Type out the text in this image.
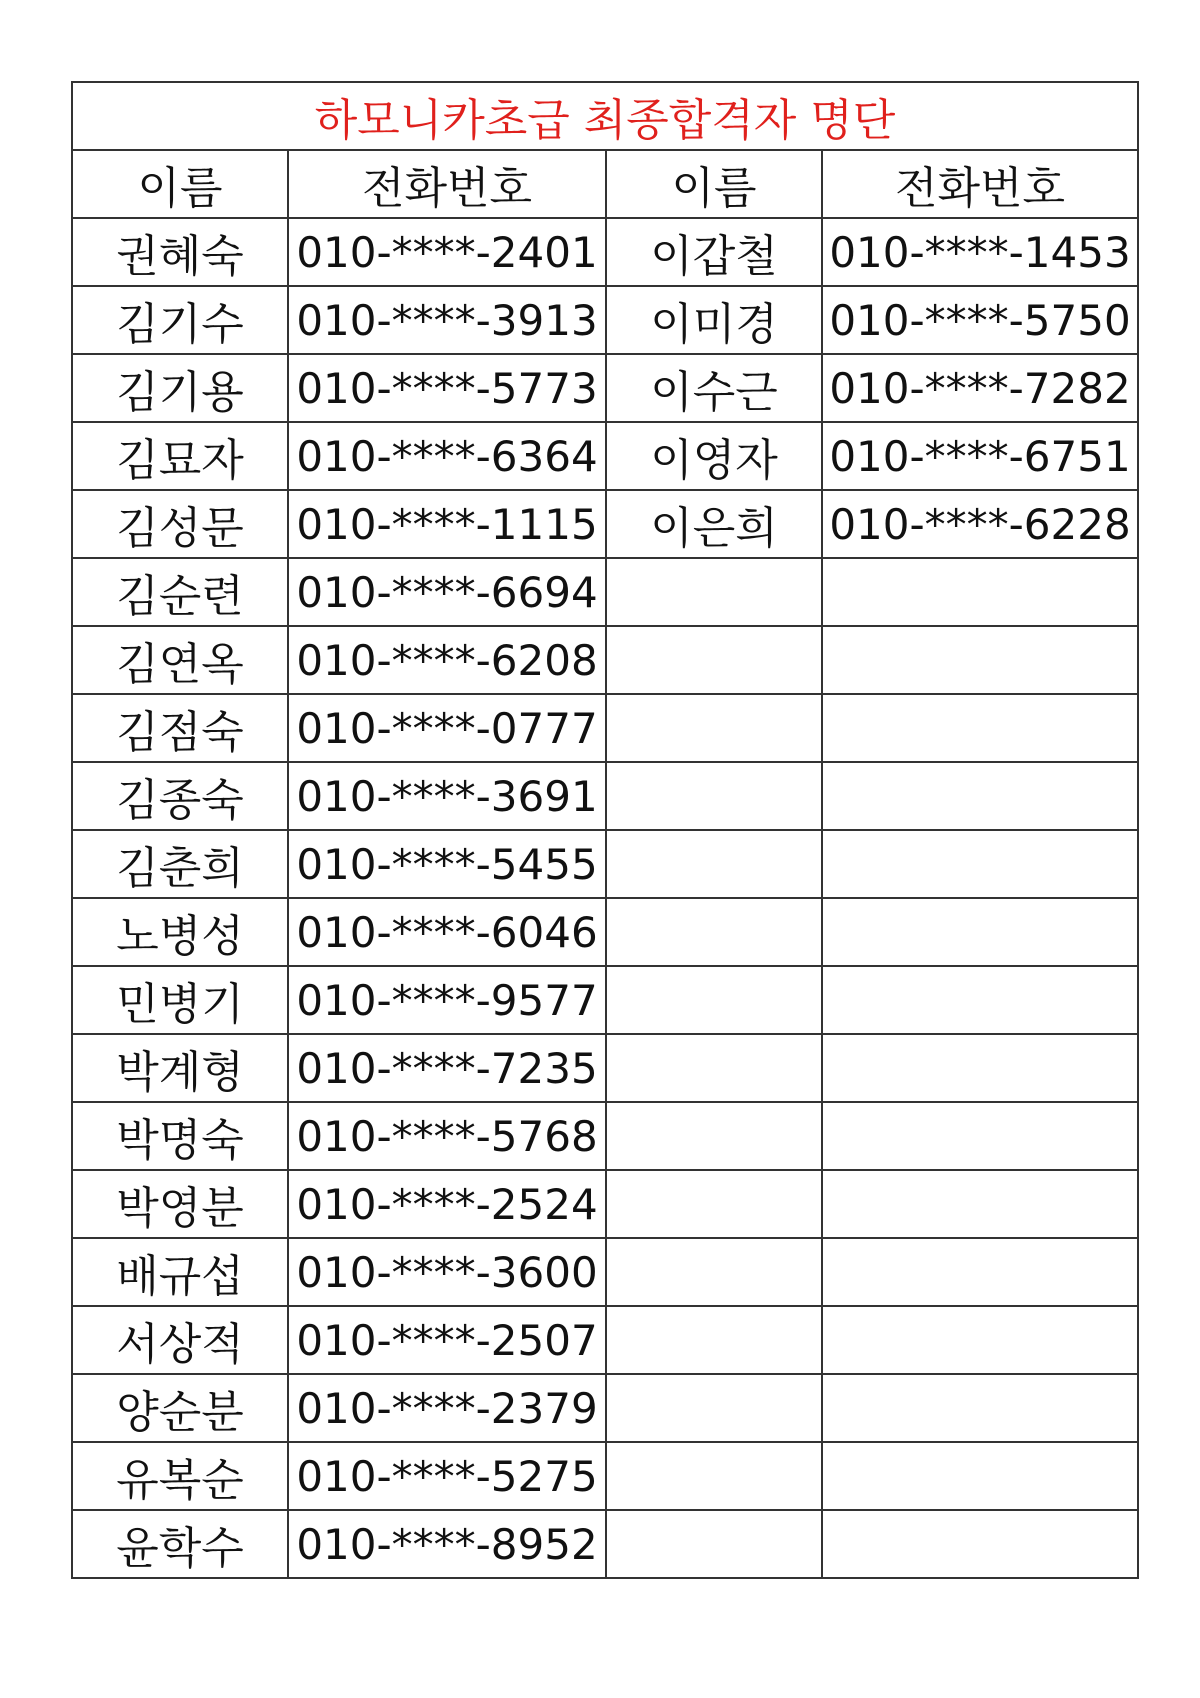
하모니카초급 최종합격자 명단			
이름	전화번호	이름	전화번호
권혜숙	010-****-2401	이갑철	010-****-1453
김기수	010-****-3913	이미경	010-****-5750
김기용	010-****-5773	이수근	010-****-7282
김묘자	010-****-6364	이영자	010-****-6751
김성문	010-****-1115	이은희	010-****-6228
김순련	010-****-6694		
김연옥	010-****-6208		
김점숙	010-****-0777		
김종숙	010-****-3691		
김춘희	010-****-5455		
노병성	010-****-6046		
민병기	010-****-9577		
박계형	010-****-7235		
박명숙	010-****-5768		
박영분	010-****-2524		
배규섭	010-****-3600		
서상적	010-****-2507		
양순분	010-****-2379		
유복순	010-****-5275		
윤학수	010-****-8952		
